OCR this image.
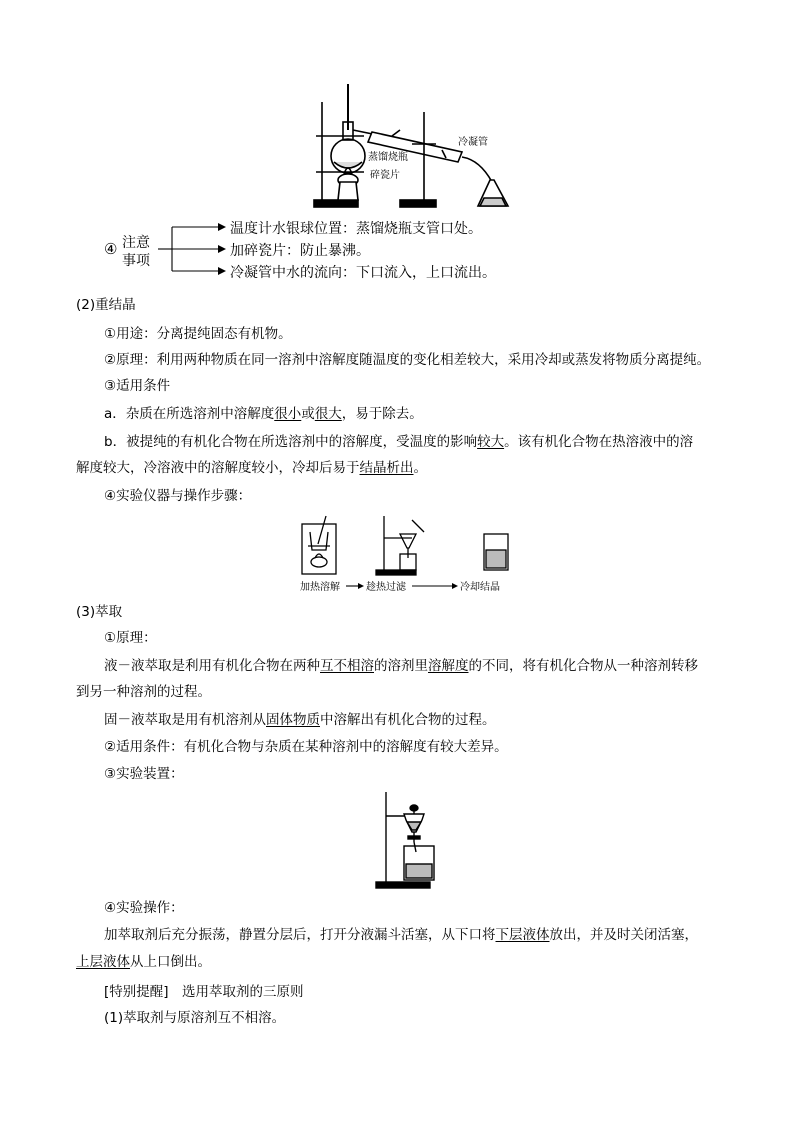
冷凝管
蒸馏烧瓶
碎瓷片
④ 注意
事项
温度计水银球位置：蒸馏烧瓶支管口处。
加碎瓷片：防止暴沸。
冷凝管中水的流向：下口流入，上口流出。
(2)重结晶
①用途：分离提纯固态有机物。
②原理：利用两种物质在同一溶剂中溶解度随温度的变化相差较大，采用冷却或蒸发将物质分离提纯。
③适用条件
a．杂质在所选溶剂中溶解度很小或很大，易于除去。
b．被提纯的有机化合物在所选溶剂中的溶解度，受温度的影响较大。该有机化合物在热溶液中的溶
解度较大，冷溶液中的溶解度较小，冷却后易于结晶析出。
④实验仪器与操作步骤：
加热溶解	趁热过滤	冷却结晶
(3)萃取
①原理：
液－液萃取是利用有机化合物在两种互不相溶的溶剂里溶解度的不同，将有机化合物从一种溶剂转移
到另一种溶剂的过程。
固－液萃取是用有机溶剂从固体物质中溶解出有机化合物的过程。
②适用条件：有机化合物与杂质在某种溶剂中的溶解度有较大差异。
③实验装置：
④实验操作：
加萃取剂后充分振荡，静置分层后，打开分液漏斗活塞，从下口将下层液体放出，并及时关闭活塞，
上层液体从上口倒出。
[特别提醒]　选用萃取剂的三原则
(1)萃取剂与原溶剂互不相溶。
